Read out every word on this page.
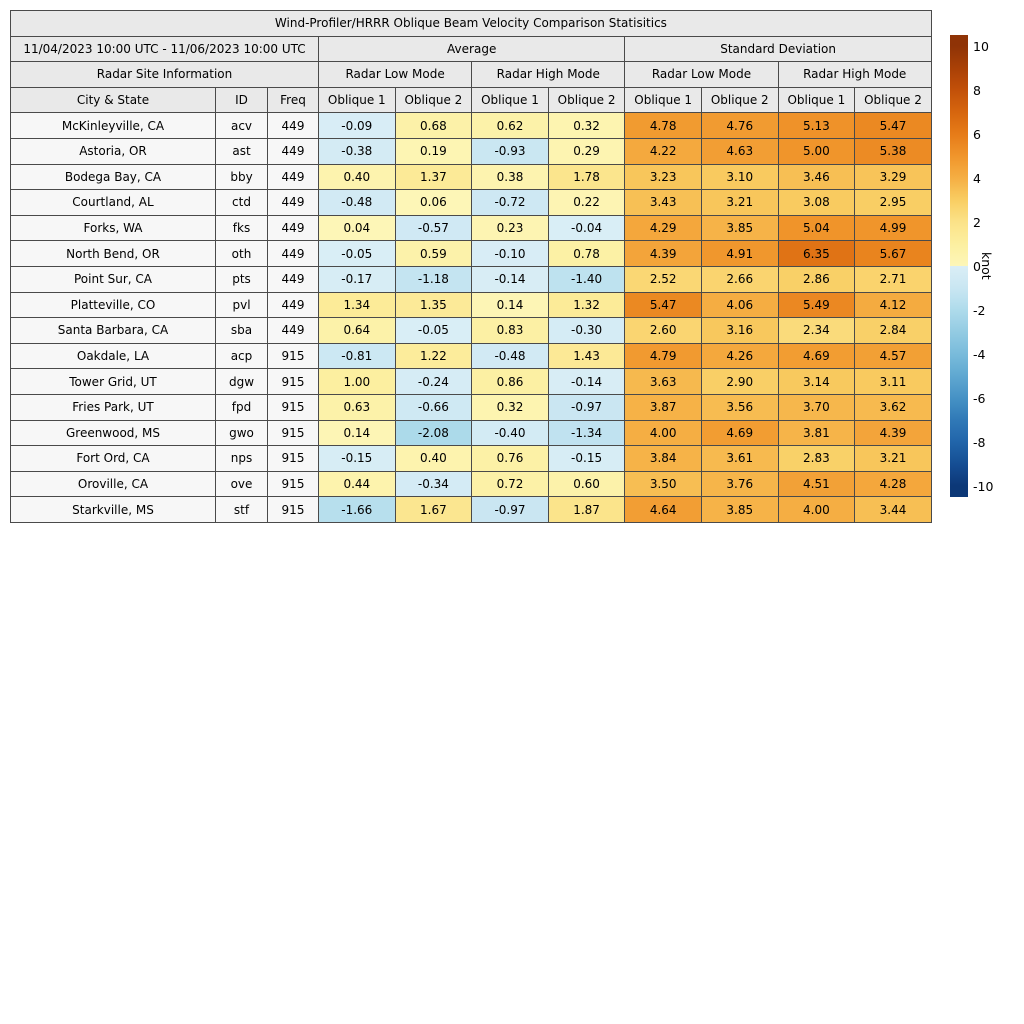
Wind-Profiler/HRRR Oblique Beam Velocity Comparison Statisitics										
11/04/2023 10:00 UTC - 11/06/2023 10:00 UTC			Average				Standard Deviation			
Radar Site Information			Radar Low Mode		Radar High Mode		Radar Low Mode		Radar High Mode	
City & State	ID	Freq	Oblique 1	Oblique 2	Oblique 1	Oblique 2	Oblique 1	Oblique 2	Oblique 1	Oblique 2
McKinleyville, CA	acv	449	-0.09	0.68	0.62	0.32	4.78	4.76	5.13	5.47
Astoria, OR	ast	449	-0.38	0.19	-0.93	0.29	4.22	4.63	5.00	5.38
Bodega Bay, CA	bby	449	0.40	1.37	0.38	1.78	3.23	3.10	3.46	3.29
Courtland, AL	ctd	449	-0.48	0.06	-0.72	0.22	3.43	3.21	3.08	2.95
Forks, WA	fks	449	0.04	-0.57	0.23	-0.04	4.29	3.85	5.04	4.99
North Bend, OR	oth	449	-0.05	0.59	-0.10	0.78	4.39	4.91	6.35	5.67
Point Sur, CA	pts	449	-0.17	-1.18	-0.14	-1.40	2.52	2.66	2.86	2.71
Platteville, CO	pvl	449	1.34	1.35	0.14	1.32	5.47	4.06	5.49	4.12
Santa Barbara, CA	sba	449	0.64	-0.05	0.83	-0.30	2.60	3.16	2.34	2.84
Oakdale, LA	acp	915	-0.81	1.22	-0.48	1.43	4.79	4.26	4.69	4.57
Tower Grid, UT	dgw	915	1.00	-0.24	0.86	-0.14	3.63	2.90	3.14	3.11
Fries Park, UT	fpd	915	0.63	-0.66	0.32	-0.97	3.87	3.56	3.70	3.62
Greenwood, MS	gwo	915	0.14	-2.08	-0.40	-1.34	4.00	4.69	3.81	4.39
Fort Ord, CA	nps	915	-0.15	0.40	0.76	-0.15	3.84	3.61	2.83	3.21
Oroville, CA	ove	915	0.44	-0.34	0.72	0.60	3.50	3.76	4.51	4.28
Starkville, MS	stf	915	-1.66	1.67	-0.97	1.87	4.64	3.85	4.00	3.44
10
8
6
4
2
0
-2
-4
-6
-8
-10
knot
